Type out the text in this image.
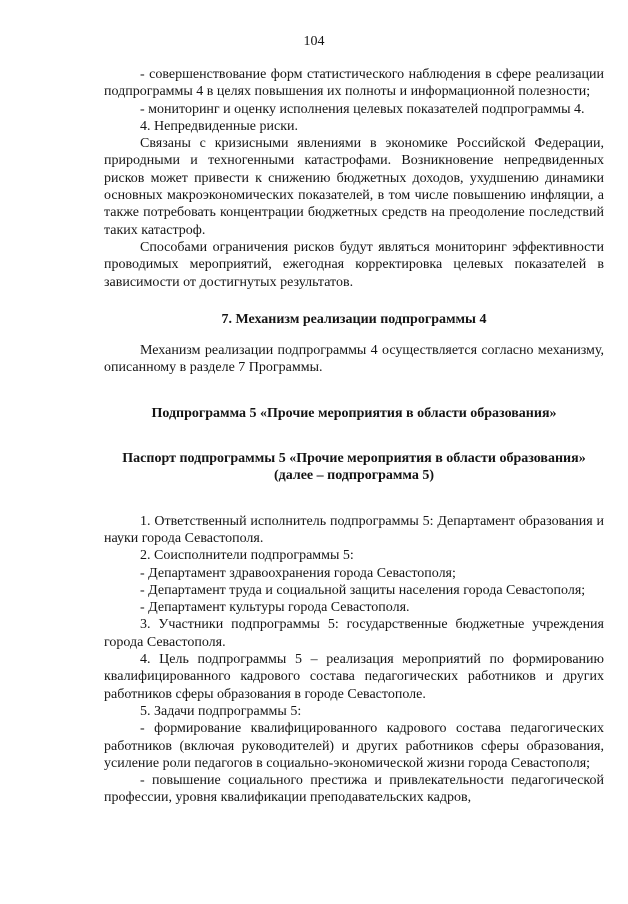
104

- совершенствование форм статистического наблюдения в сфере реализации подпрограммы 4 в целях повышения их полноты и информационной полезности;

- мониторинг и оценку исполнения целевых показателей подпрограммы 4.

4. Непредвиденные риски.

Связаны с кризисными явлениями в экономике Российской Федерации, природными и техногенными катастрофами. Возникновение непредвиденных рисков может привести к снижению бюджетных доходов, ухудшению динамики основных макроэкономических показателей, в том числе повышению инфляции, а также потребовать концентрации бюджетных средств на преодоление последствий таких катастроф.

Способами ограничения рисков будут являться мониторинг эффективности проводимых мероприятий, ежегодная корректировка целевых показателей в зависимости от достигнутых результатов.

7. Механизм реализации подпрограммы 4

Механизм реализации подпрограммы 4 осуществляется согласно механизму, описанному в разделе 7 Программы.

Подпрограмма 5 «Прочие мероприятия в области образования»

Паспорт подпрограммы 5 «Прочие мероприятия в области образования»

(далее – подпрограмма 5)

1. Ответственный исполнитель подпрограммы 5: Департамент образования и науки города Севастополя.

2. Соисполнители подпрограммы 5:

- Департамент здравоохранения города Севастополя;

- Департамент труда и социальной защиты населения города Севастополя;

- Департамент культуры города Севастополя.

3. Участники подпрограммы 5: государственные бюджетные учреждения города Севастополя.

4. Цель подпрограммы 5 – реализация мероприятий по формированию квалифицированного кадрового состава педагогических работников и других работников сферы образования в городе Севастополе.

5. Задачи подпрограммы 5:

- формирование квалифицированного кадрового состава педагогических работников (включая руководителей) и других работников сферы образования, усиление роли педагогов в социально-экономической жизни города Севастополя;

- повышение социального престижа и привлекательности педагогической профессии, уровня квалификации преподавательских кадров,
